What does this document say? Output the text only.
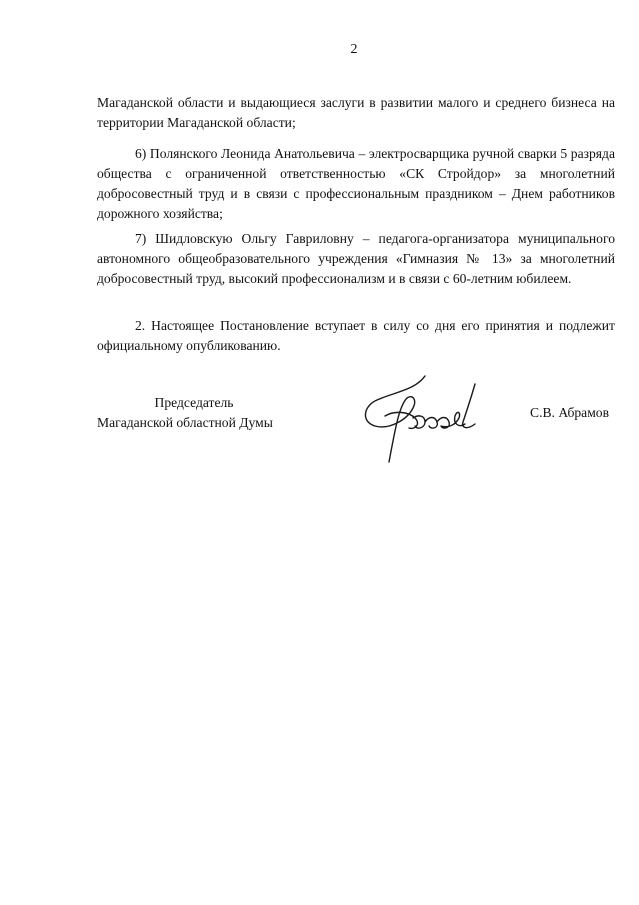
2

Магаданской области и выдающиеся заслуги в развитии малого и среднего бизнеса на территории Магаданской области;

6) Полянского Леонида Анатольевича – электросварщика ручной сварки 5 разряда общества с ограниченной ответственностью «СК Стройдор» за многолетний добросовестный труд и в связи с профессиональным праздником – Днем работников дорожного хозяйства;

7) Шидловскую Ольгу Гавриловну – педагога-организатора муниципального автономного общеобразовательного учреждения «Гимназия № 13» за многолетний добросовестный труд, высокий профессионализм и в связи с 60-летним юбилеем.

2. Настоящее Постановление вступает в силу со дня его принятия и подлежит официальному опубликованию.

Председатель
Магаданской областной Думы
С.В. Абрамов
